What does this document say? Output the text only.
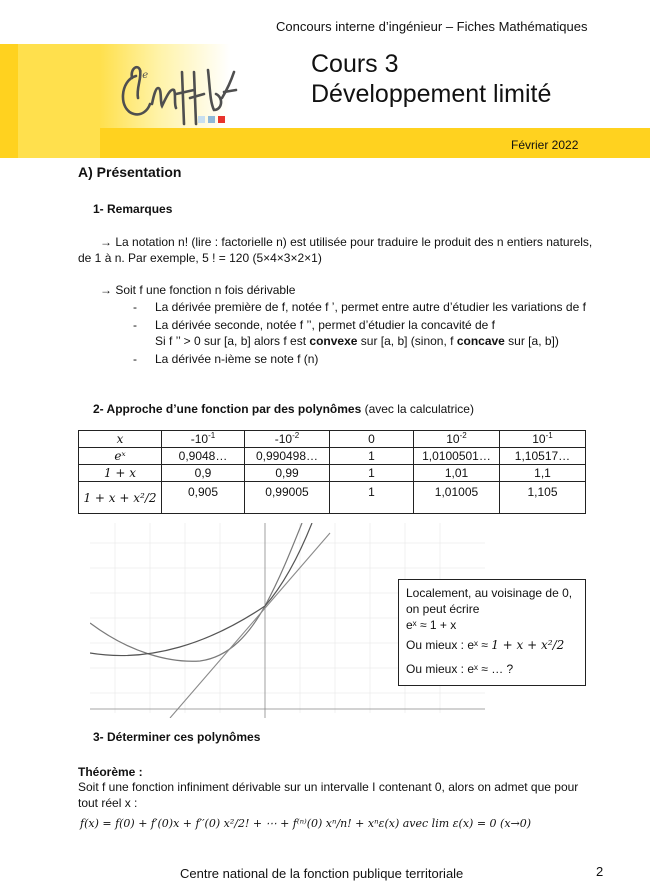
Concours interne d’ingénieur – Fiches Mathématiques
le	Cours 3
Développement limité
Février 2022
A) Présentation
1- Remarques
→ La notation n! (lire : factorielle n) est utilisée pour traduire le produit des n entiers naturels,
de 1 à n. Par exemple, 5 ! = 120 (5×4×3×2×1)
→ Soit f une fonction n fois dérivable
- La dérivée première de f, notée f ’, permet entre autre d’étudier les variations de f
- La dérivée seconde, notée f ’’, permet d’étudier la concavité de f
Si f ’’ > 0 sur [a, b] alors f est convexe sur [a, b] (sinon, f concave sur [a, b])
- La dérivée n-ième se note f (n)
2- Approche d’une fonction par des polynômes (avec la calculatrice)
x	$-10^{-1}$	$-10^{-2}$	0	$10^{-2}$	$10^{-1}$
eˣ	0,9048…	0,990498…	1	1,0100501…	1,10517…
1 + x	0,9	0,99	1	1,01	1,1
1 + x + x²/2	0,905	0,99005	1	1,01005	1,105
Localement, au voisinage de 0,
on peut écrire
eˣ ≈ 1 + x
Ou mieux : eˣ ≈ 1 + x + x²/2
Ou mieux : eˣ ≈ … ?
3- Déterminer ces polynômes
Théorème :
Soit f une fonction infiniment dérivable sur un intervalle I contenant 0, alors on admet que pour
tout réel x :
f(x) = f(0) + f′(0)x + f′′(0) x²/2! + ⋯ + f⁽ⁿ⁾(0) xⁿ/n! + xⁿε(x) avec lim ε(x) = 0 (x→0)
Centre national de la fonction publique territoriale	2
